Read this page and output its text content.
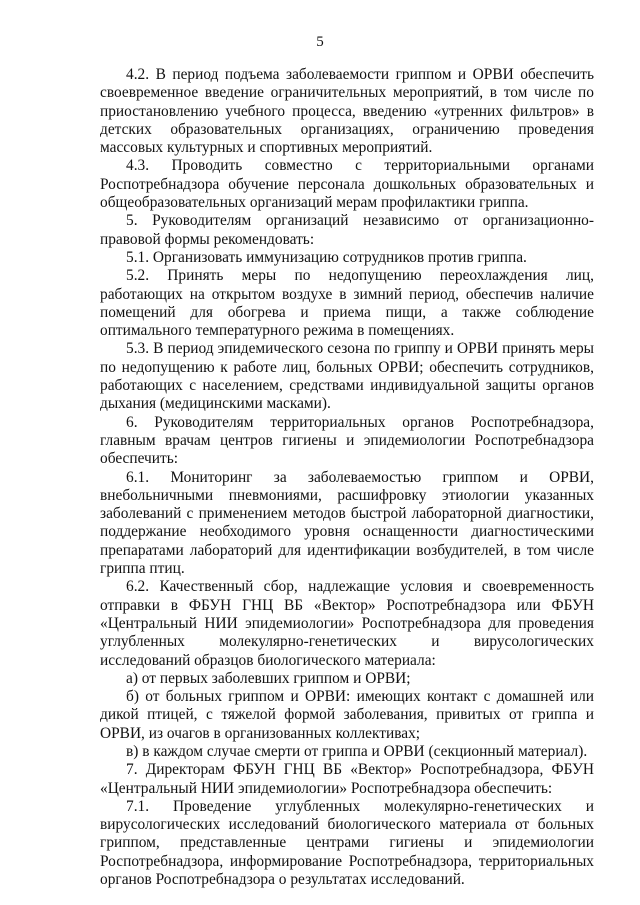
5

4.2. В период подъема заболеваемости гриппом и ОРВИ обеспечить своевременное введение ограничительных мероприятий, в том числе по приостановлению учебного процесса, введению «утренних фильтров» в детских образовательных организациях, ограничению проведения массовых культурных и спортивных мероприятий.

4.3. Проводить совместно с территориальными органами Роспотребнадзора обучение персонала дошкольных образовательных и общеобразовательных организаций мерам профилактики гриппа.

5. Руководителям организаций независимо от организационно-правовой формы рекомендовать:

5.1. Организовать иммунизацию сотрудников против гриппа.

5.2. Принять меры по недопущению переохлаждения лиц, работающих на открытом воздухе в зимний период, обеспечив наличие помещений для обогрева и приема пищи, а также соблюдение оптимального температурного режима в помещениях.

5.3. В период эпидемического сезона по гриппу и ОРВИ принять меры по недопущению к работе лиц, больных ОРВИ; обеспечить сотрудников, работающих с населением, средствами индивидуальной защиты органов дыхания (медицинскими масками).

6. Руководителям территориальных органов Роспотребнадзора, главным врачам центров гигиены и эпидемиологии Роспотребнадзора обеспечить:

6.1. Мониторинг за заболеваемостью гриппом и ОРВИ, внебольничными пневмониями, расшифровку этиологии указанных заболеваний с применением методов быстрой лабораторной диагностики, поддержание необходимого уровня оснащенности диагностическими препаратами лабораторий для идентификации возбудителей, в том числе гриппа птиц.

6.2. Качественный сбор, надлежащие условия и своевременность отправки в ФБУН ГНЦ ВБ «Вектор» Роспотребнадзора или ФБУН «Центральный НИИ эпидемиологии» Роспотребнадзора для проведения углубленных молекулярно-генетических и вирусологических исследований образцов биологического материала:

а) от первых заболевших гриппом и ОРВИ;

б) от больных гриппом и ОРВИ: имеющих контакт с домашней или дикой птицей, с тяжелой формой заболевания, привитых от гриппа и ОРВИ, из очагов в организованных коллективах;

в) в каждом случае смерти от гриппа и ОРВИ (секционный материал).

7. Директорам ФБУН ГНЦ ВБ «Вектор» Роспотребнадзора, ФБУН «Центральный НИИ эпидемиологии» Роспотребнадзора обеспечить:

7.1. Проведение углубленных молекулярно-генетических и вирусологических исследований биологического материала от больных гриппом, представленные центрами гигиены и эпидемиологии Роспотребнадзора, информирование Роспотребнадзора, территориальных органов Роспотребнадзора о результатах исследований.
